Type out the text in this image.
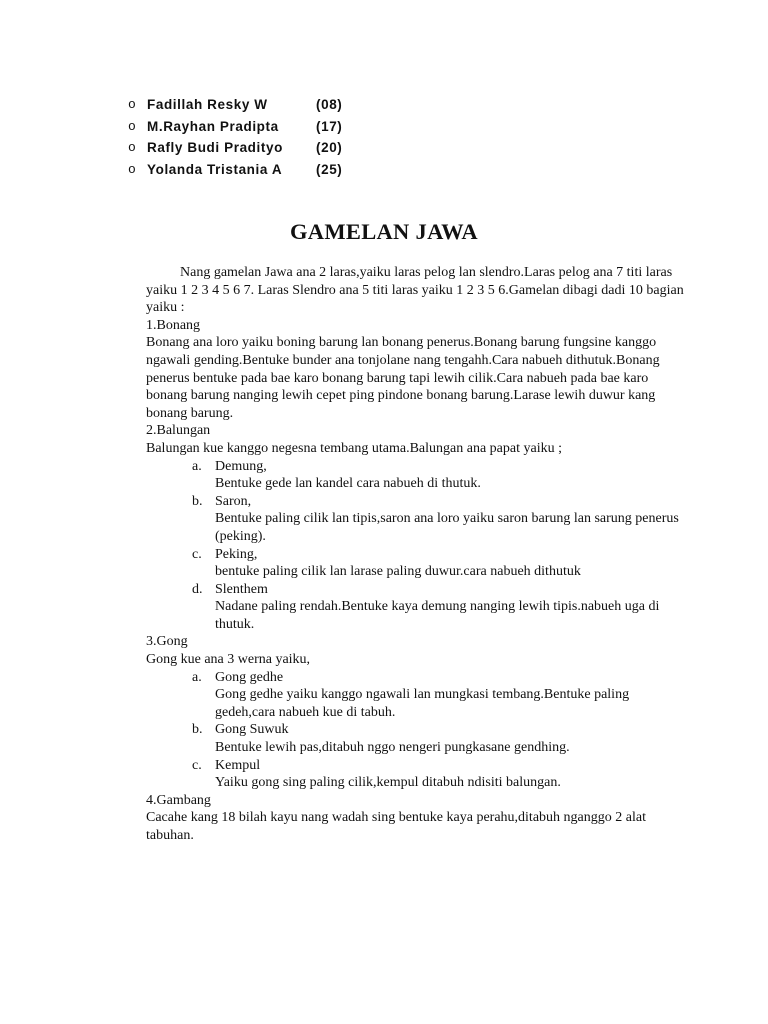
o Fadillah Resky W	(08)
o M.Rayhan Pradipta	(17)
o Rafly Budi Pradityo	(20)
o Yolanda Tristania A	(25)
GAMELAN JAWA

Nang gamelan Jawa ana 2 laras,yaiku laras pelog lan slendro.Laras pelog ana 7 titi laras yaiku 1 2 3 4 5 6 7. Laras Slendro ana 5 titi laras yaiku 1 2 3 5 6.Gamelan dibagi dadi 10 bagian yaiku :

1.Bonang

Bonang ana loro yaiku boning barung lan bonang penerus.Bonang barung fungsine kanggo ngawali gending.Bentuke bunder ana tonjolane nang tengahh.Cara nabueh dithutuk.Bonang penerus bentuke pada bae karo bonang barung tapi lewih cilik.Cara nabueh pada bae karo bonang barung nanging lewih cepet ping pindone bonang barung.Larase lewih duwur kang bonang barung.

2.Balungan

Balungan kue kanggo negesna tembang utama.Balungan ana papat yaiku ;

a. Demung,

Bentuke gede lan kandel cara nabueh di thutuk.

b. Saron,

Bentuke paling cilik lan tipis,saron ana loro yaiku saron barung lan sarung penerus (peking).

c. Peking,

bentuke paling cilik lan larase paling duwur.cara nabueh dithutuk

d. Slenthem

Nadane paling rendah.Bentuke kaya demung nanging lewih tipis.nabueh uga di thutuk.

3.Gong

Gong kue ana 3 werna yaiku,

a. Gong gedhe

Gong gedhe yaiku kanggo ngawali lan mungkasi tembang.Bentuke paling gedeh,cara nabueh kue di tabuh.

b. Gong Suwuk

Bentuke lewih pas,ditabuh nggo nengeri pungkasane gendhing.

c. Kempul

Yaiku gong sing paling cilik,kempul ditabuh ndisiti balungan.

4.Gambang

Cacahe kang 18 bilah kayu nang wadah sing bentuke kaya perahu,ditabuh nganggo 2 alat tabuhan.
